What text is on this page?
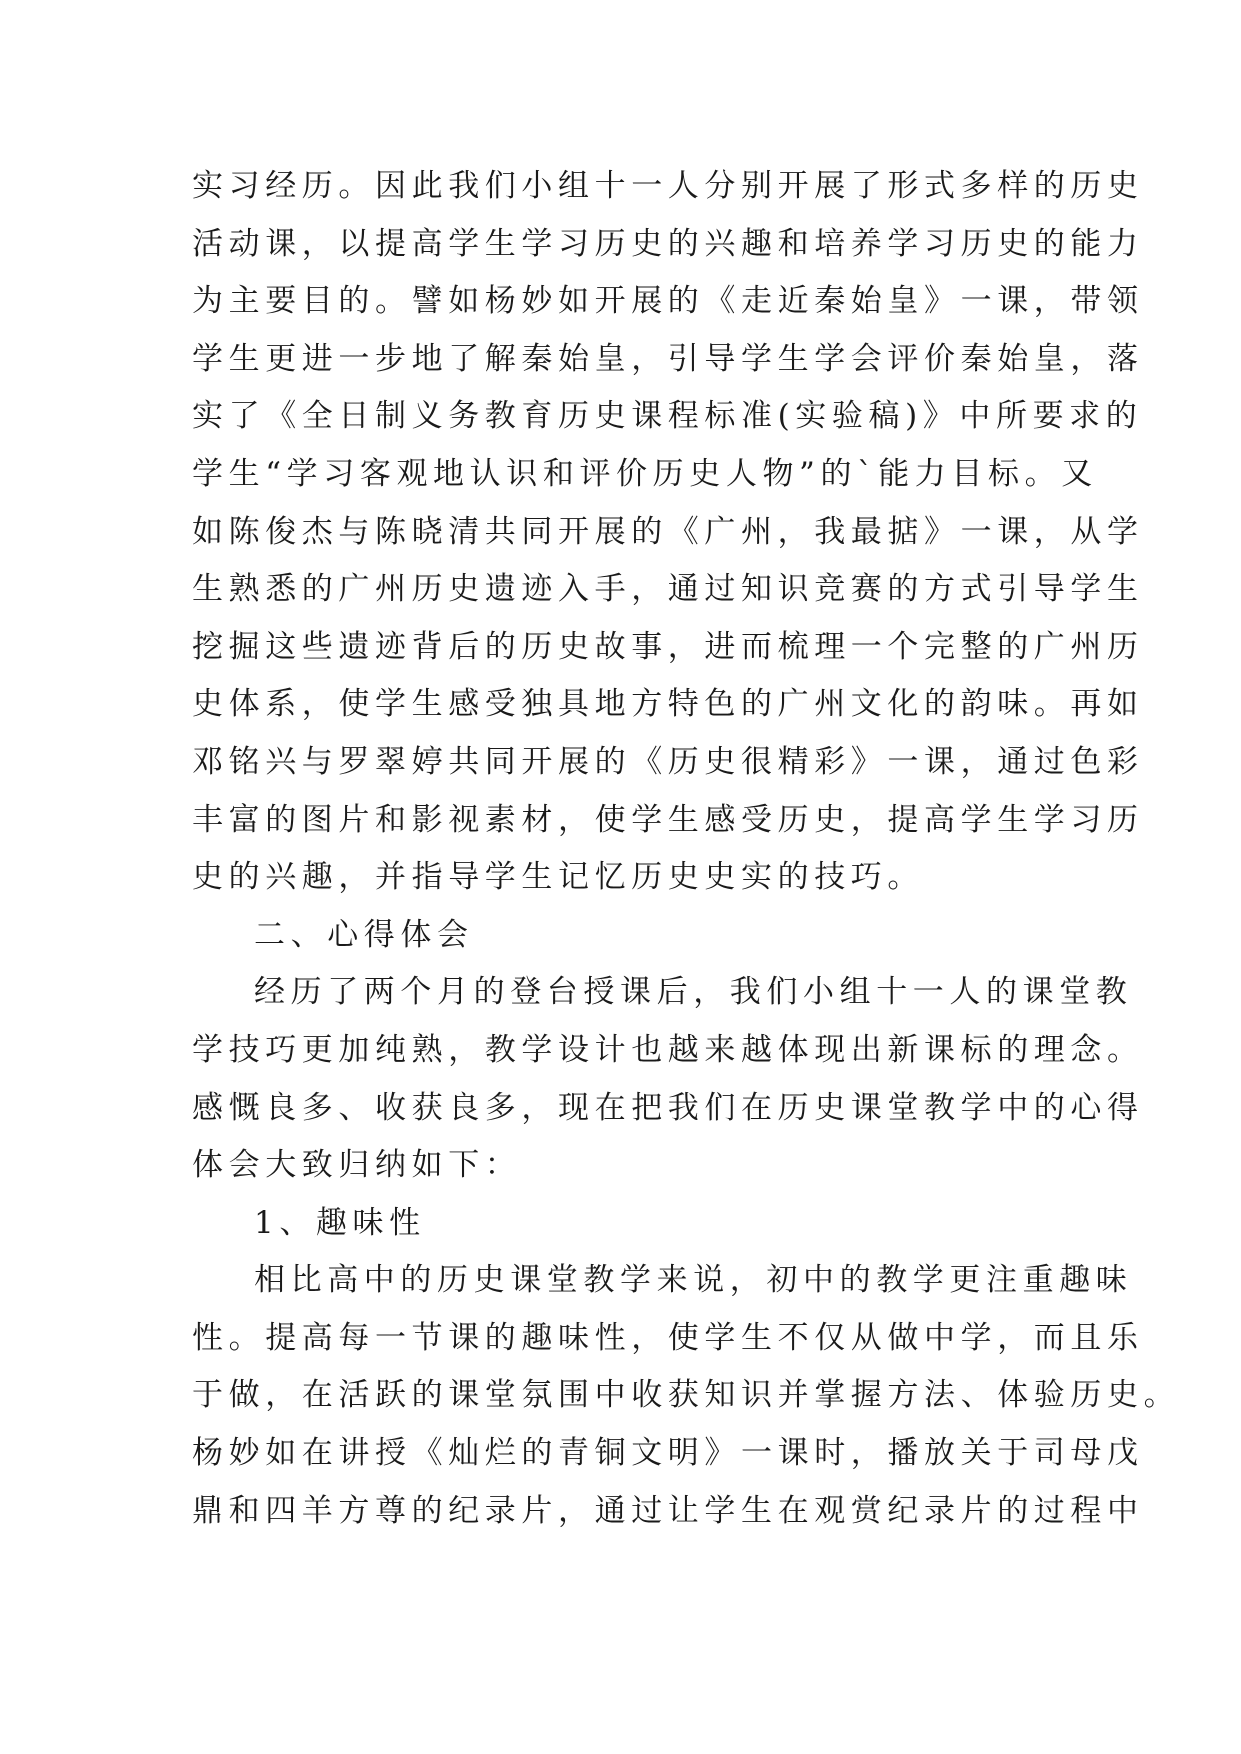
实习经历。因此我们小组十一人分别开展了形式多样的历史
活动课，以提高学生学习历史的兴趣和培养学习历史的能力
为主要目的。譬如杨妙如开展的《走近秦始皇》一课，带领
学生更进一步地了解秦始皇，引导学生学会评价秦始皇，落
实了《全日制义务教育历史课程标准(实验稿)》中所要求的
学生“学习客观地认识和评价历史人物”的`能力目标。又
如陈俊杰与陈晓清共同开展的《广州，我最掂》一课，从学
生熟悉的广州历史遗迹入手，通过知识竞赛的方式引导学生
挖掘这些遗迹背后的历史故事，进而梳理一个完整的广州历
史体系，使学生感受独具地方特色的广州文化的韵味。再如
邓铭兴与罗翠婷共同开展的《历史很精彩》一课，通过色彩
丰富的图片和影视素材，使学生感受历史，提高学生学习历
史的兴趣，并指导学生记忆历史史实的技巧。
二、心得体会
经历了两个月的登台授课后，我们小组十一人的课堂教
学技巧更加纯熟，教学设计也越来越体现出新课标的理念。
感慨良多、收获良多，现在把我们在历史课堂教学中的心得
体会大致归纳如下：
1、趣味性
相比高中的历史课堂教学来说，初中的教学更注重趣味
性。提高每一节课的趣味性，使学生不仅从做中学，而且乐
于做，在活跃的课堂氛围中收获知识并掌握方法、体验历史。
杨妙如在讲授《灿烂的青铜文明》一课时，播放关于司母戊
鼎和四羊方尊的纪录片，通过让学生在观赏纪录片的过程中
